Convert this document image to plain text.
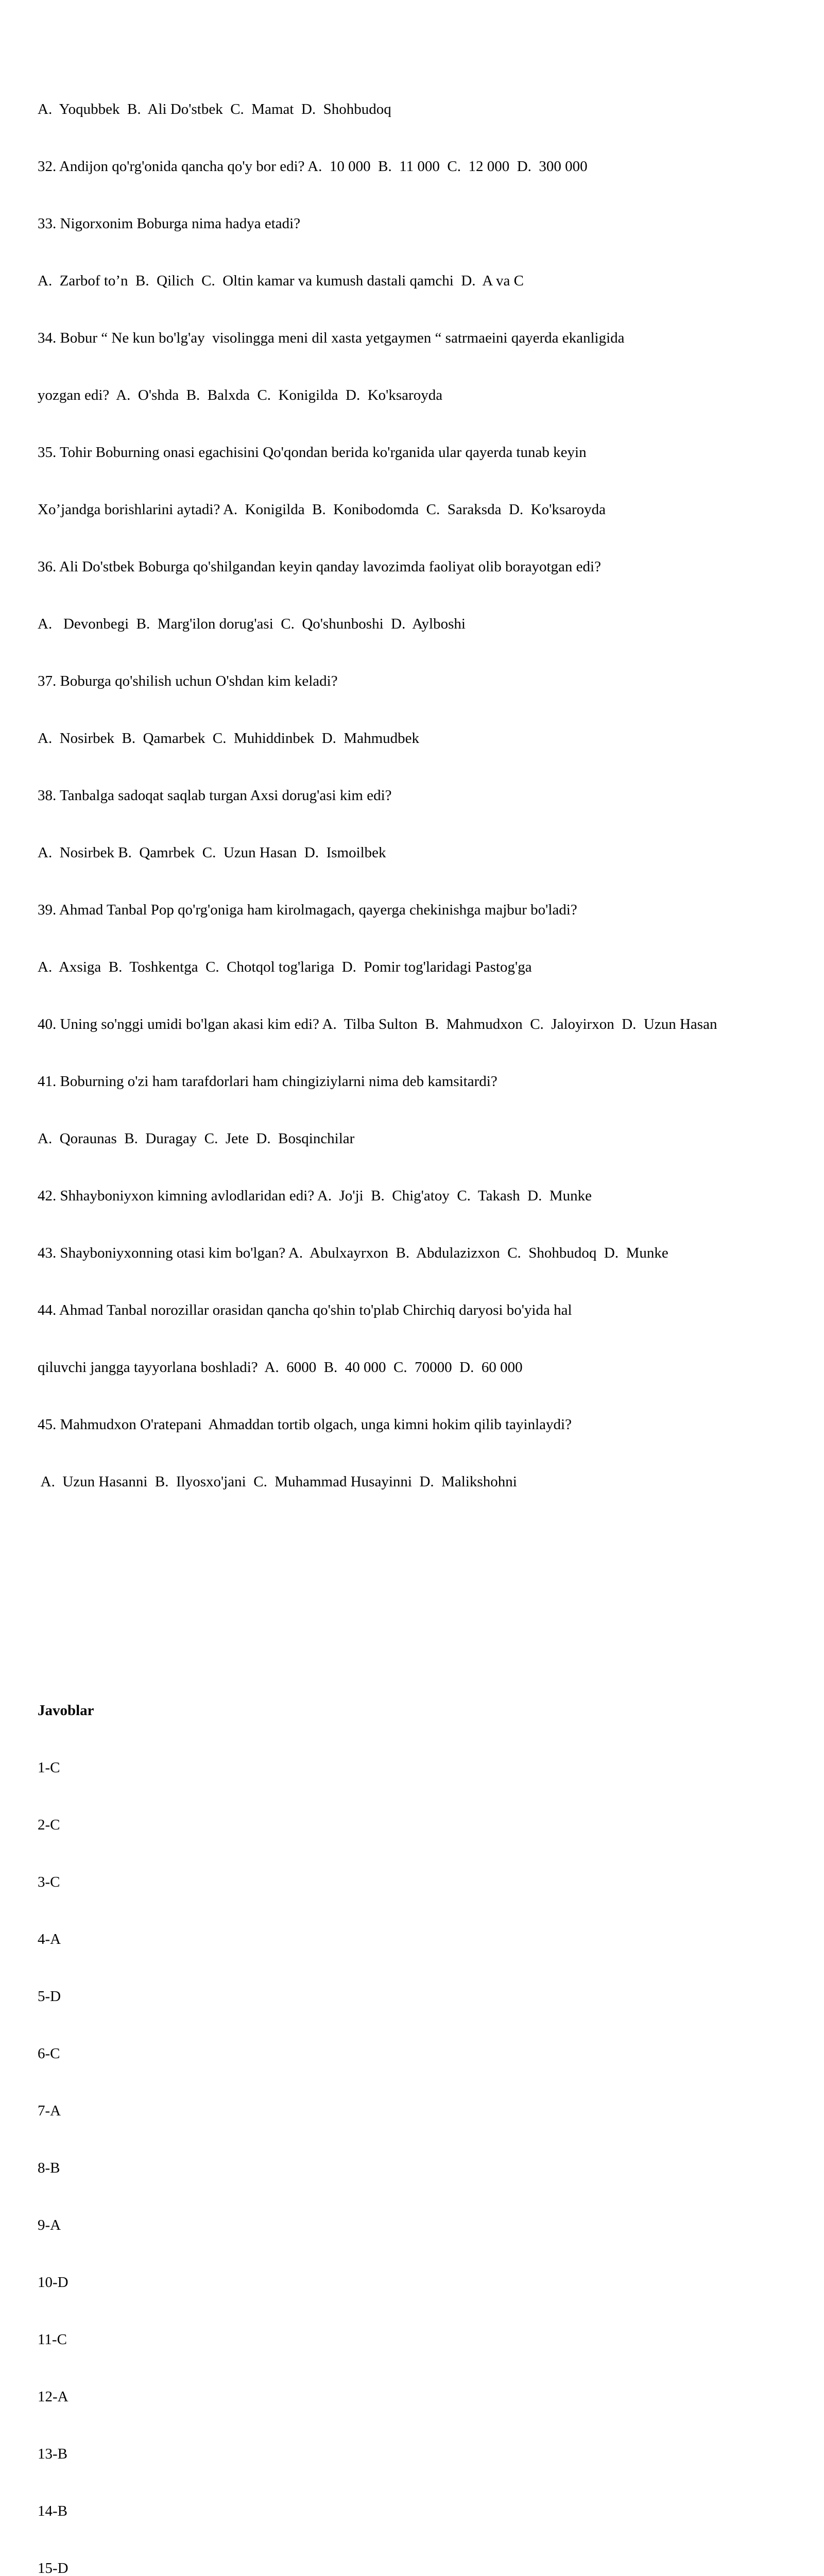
A.  Yoqubbek  B.  Ali Do'stbek  C.  Mamat  D.  Shohbudoq

32. Andijon qo'rg'onida qancha qo'y bor edi? A.  10 000  B.  11 000  C.  12 000  D.  300 000

33. Nigorxonim Boburga nima hadya etadi?

A.  Zarbof to’n  B.  Qilich  C.  Oltin kamar va kumush dastali qamchi  D.  A va C

34. Bobur “ Ne kun bo'lg'ay  visolingga meni dil xasta yetgaymen “ satrmaeini qayerda ekanligida

yozgan edi?  A.  O'shda  B.  Balxda  C.  Konigilda  D.  Ko'ksaroyda

35. Tohir Boburning onasi egachisini Qo'qondan berida ko'rganida ular qayerda tunab keyin

Xo’jandga borishlarini aytadi? A.  Konigilda  B.  Konibodomda  C.  Saraksda  D.  Ko'ksaroyda

36. Ali Do'stbek Boburga qo'shilgandan keyin qanday lavozimda faoliyat olib borayotgan edi?

A.   Devonbegi  B.  Marg'ilon dorug'asi  C.  Qo'shunboshi  D.  Aylboshi

37. Boburga qo'shilish uchun O'shdan kim keladi?

A.  Nosirbek  B.  Qamarbek  C.  Muhiddinbek  D.  Mahmudbek

38. Tanbalga sadoqat saqlab turgan Axsi dorug'asi kim edi?

A.  Nosirbek B.  Qamrbek  C.  Uzun Hasan  D.  Ismoilbek

39. Ahmad Tanbal Pop qo'rg'oniga ham kirolmagach, qayerga chekinishga majbur bo'ladi?

A.  Axsiga  B.  Toshkentga  C.  Chotqol tog'lariga  D.  Pomir tog'laridagi Pastog'ga

40. Uning so'nggi umidi bo'lgan akasi kim edi? A.  Tilba Sulton  B.  Mahmudxon  C.  Jaloyirxon  D.  Uzun Hasan

41. Boburning o'zi ham tarafdorlari ham chingiziylarni nima deb kamsitardi?

A.  Qoraunas  B.  Duragay  C.  Jete  D.  Bosqinchilar

42. Shhayboniyxon kimning avlodlaridan edi? A.  Jo'ji  B.  Chig'atoy  C.  Takash  D.  Munke

43. Shayboniyxonning otasi kim bo'lgan? A.  Abulxayrxon  B.  Abdulazizxon  C.  Shohbudoq  D.  Munke

44. Ahmad Tanbal norozillar orasidan qancha qo'shin to'plab Chirchiq daryosi bo'yida hal

qiluvchi jangga tayyorlana boshladi?  A.  6000  B.  40 000  C.  70000  D.  60 000

45. Mahmudxon O'ratepani  Ahmaddan tortib olgach, unga kimni hokim qilib tayinlaydi?

A.  Uzun Hasanni  B.  Ilyosxo'jani  C.  Muhammad Husayinni  D.  Malikshohni

Javoblar

1-C

2-C

3-C

4-A

5-D

6-C

7-A

8-B

9-A

10-D

11-C

12-A

13-B

14-B

15-D
